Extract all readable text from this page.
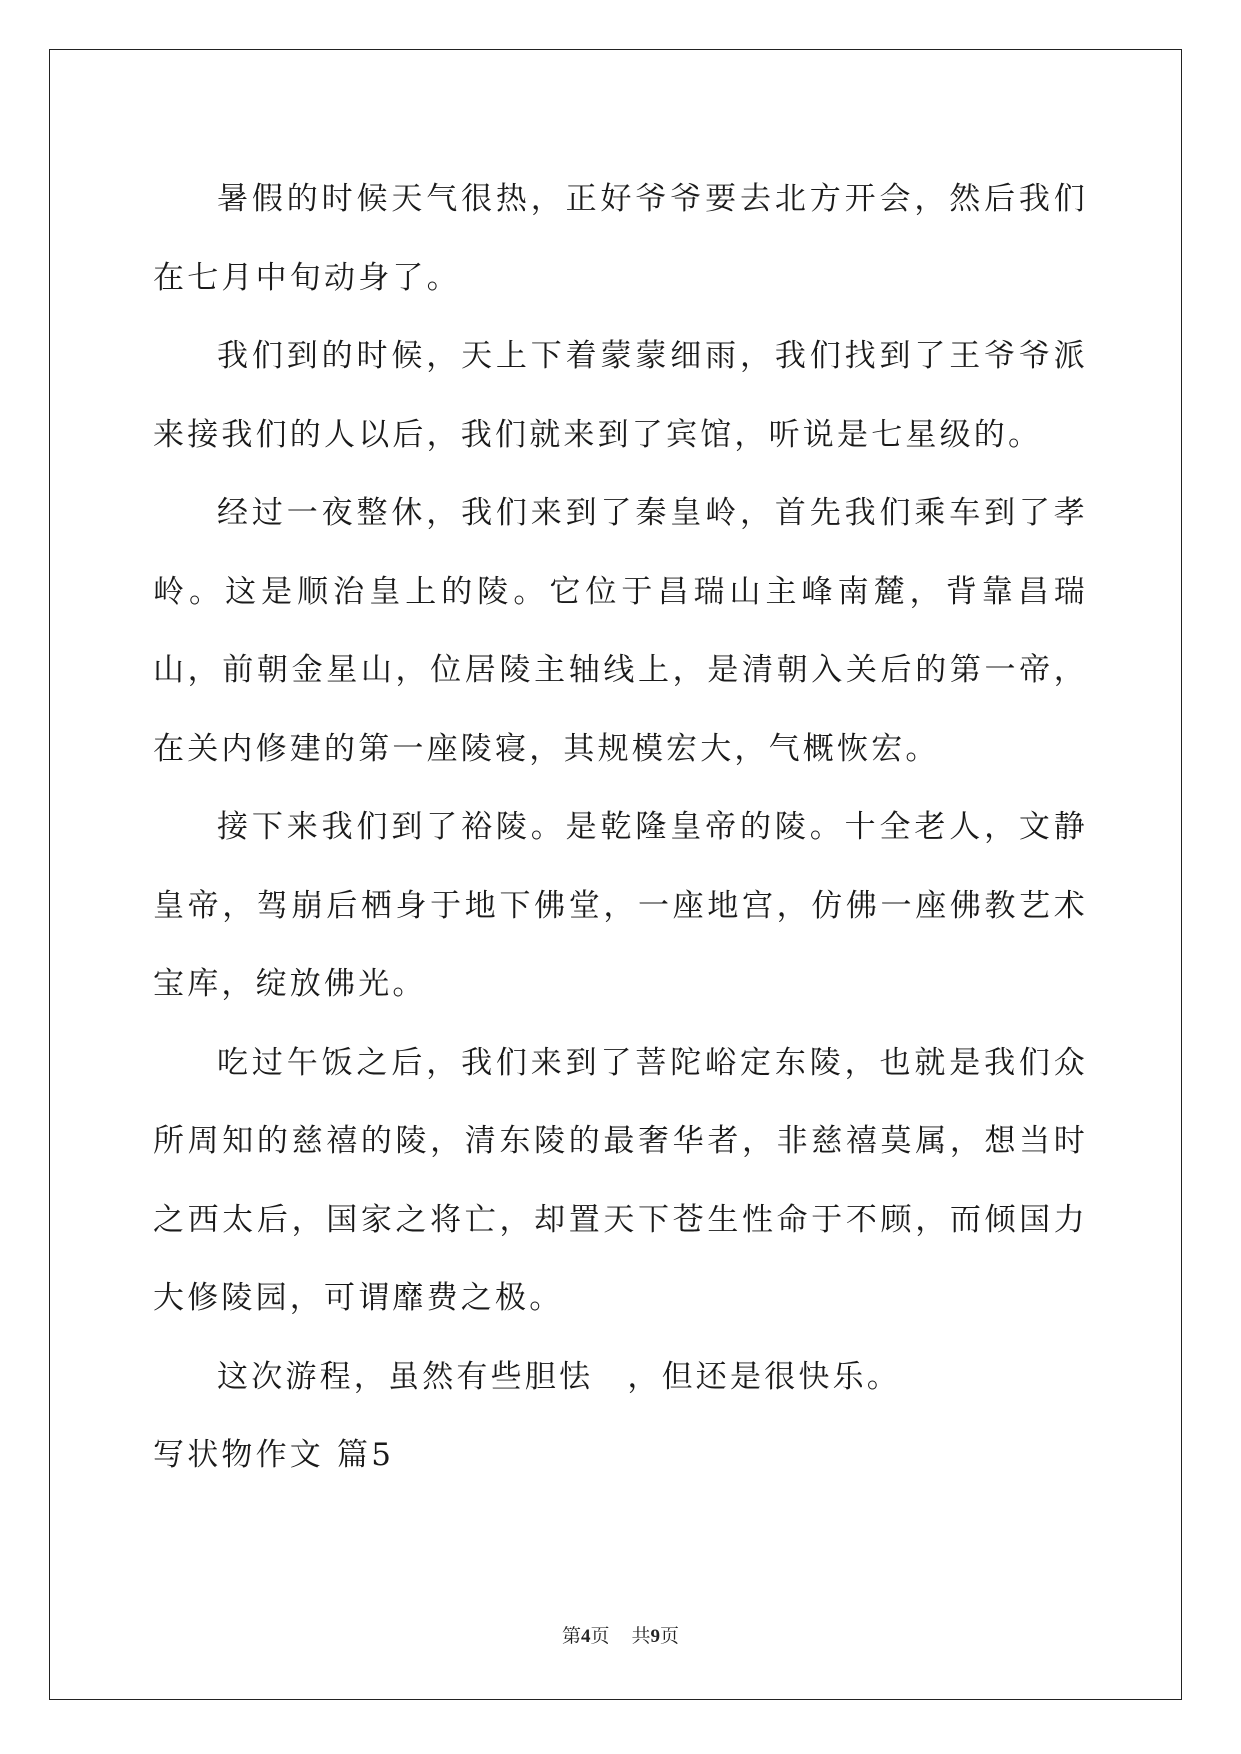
暑假的时候天气很热，正好爷爷要去北方开会，然后我们在七月中旬动身了。

我们到的时候，天上下着蒙蒙细雨，我们找到了王爷爷派来接我们的人以后，我们就来到了宾馆，听说是七星级的。

经过一夜整休，我们来到了秦皇岭，首先我们乘车到了孝岭。这是顺治皇上的陵。它位于昌瑞山主峰南麓，背靠昌瑞山，前朝金星山，位居陵主轴线上，是清朝入关后的第一帝，在关内修建的第一座陵寝，其规模宏大，气概恢宏。

接下来我们到了裕陵。是乾隆皇帝的陵。十全老人，文静皇帝，驾崩后栖身于地下佛堂，一座地宫，仿佛一座佛教艺术宝库，绽放佛光。

吃过午饭之后，我们来到了菩陀峪定东陵，也就是我们众所周知的慈禧的陵，清东陵的最奢华者，非慈禧莫属，想当时之西太后，国家之将亡，却置天下苍生性命于不顾，而倾国力大修陵园，可谓靡费之极。

这次游程，虽然有些胆怯　，但还是很快乐。

写状物作文 篇5

第4页 共9页
